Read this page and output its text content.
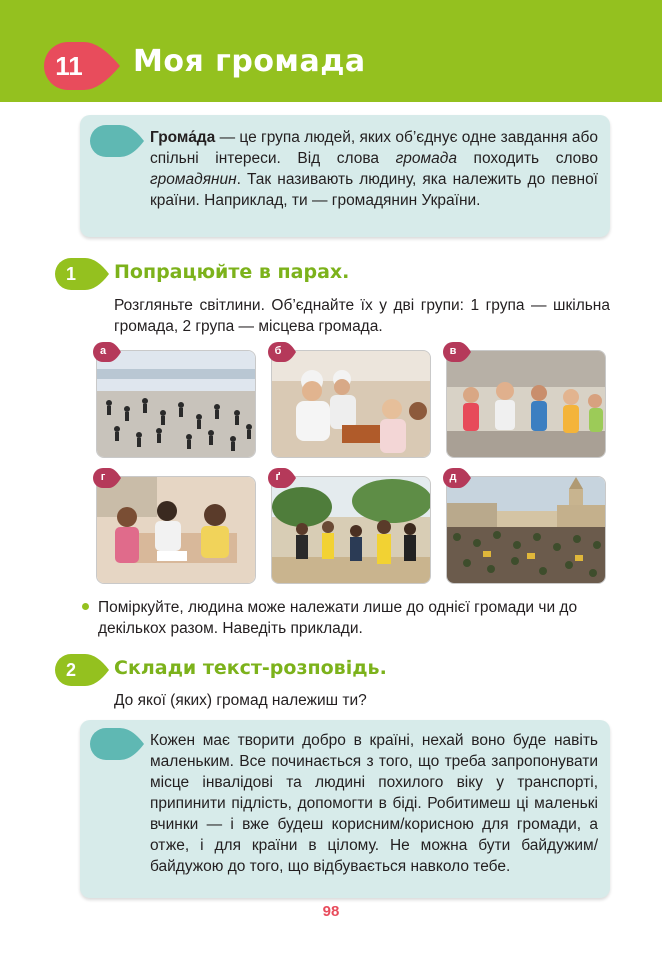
11	Моя громада

Грома́да — це група людей, яких об’єднує одне завдання або спільні інтереси. Від слова громада походить слово громадянин. Так називають людину, яка належить до певної країни. Наприклад, ти — громадянин України.

1	Попрацюйте в парах.

Розгляньте світлини. Об’єднайте їх у дві групи: 1 група — шкільна громада, 2 група — місцева громада.

а	б	в
г	ґ	д

Поміркуйте, людина може належати лише до однієї громади чи до декількох разом. Наведіть приклади.

2	Склади текст-розповідь.

До якої (яких) громад належиш ти?

Кожен має творити добро в країні, нехай воно буде навіть маленьким. Все починається з того, що треба запропонувати місце інвалідові та людині похилого віку у транспорті, припинити підлість, допомогти в біді. Робитимеш ці маленькі вчинки — і вже будеш корисним/корисною для громади, а отже, і для країни в цілому. Не можна бути байдужим/байдужою до того, що відбувається навколо тебе.

98
